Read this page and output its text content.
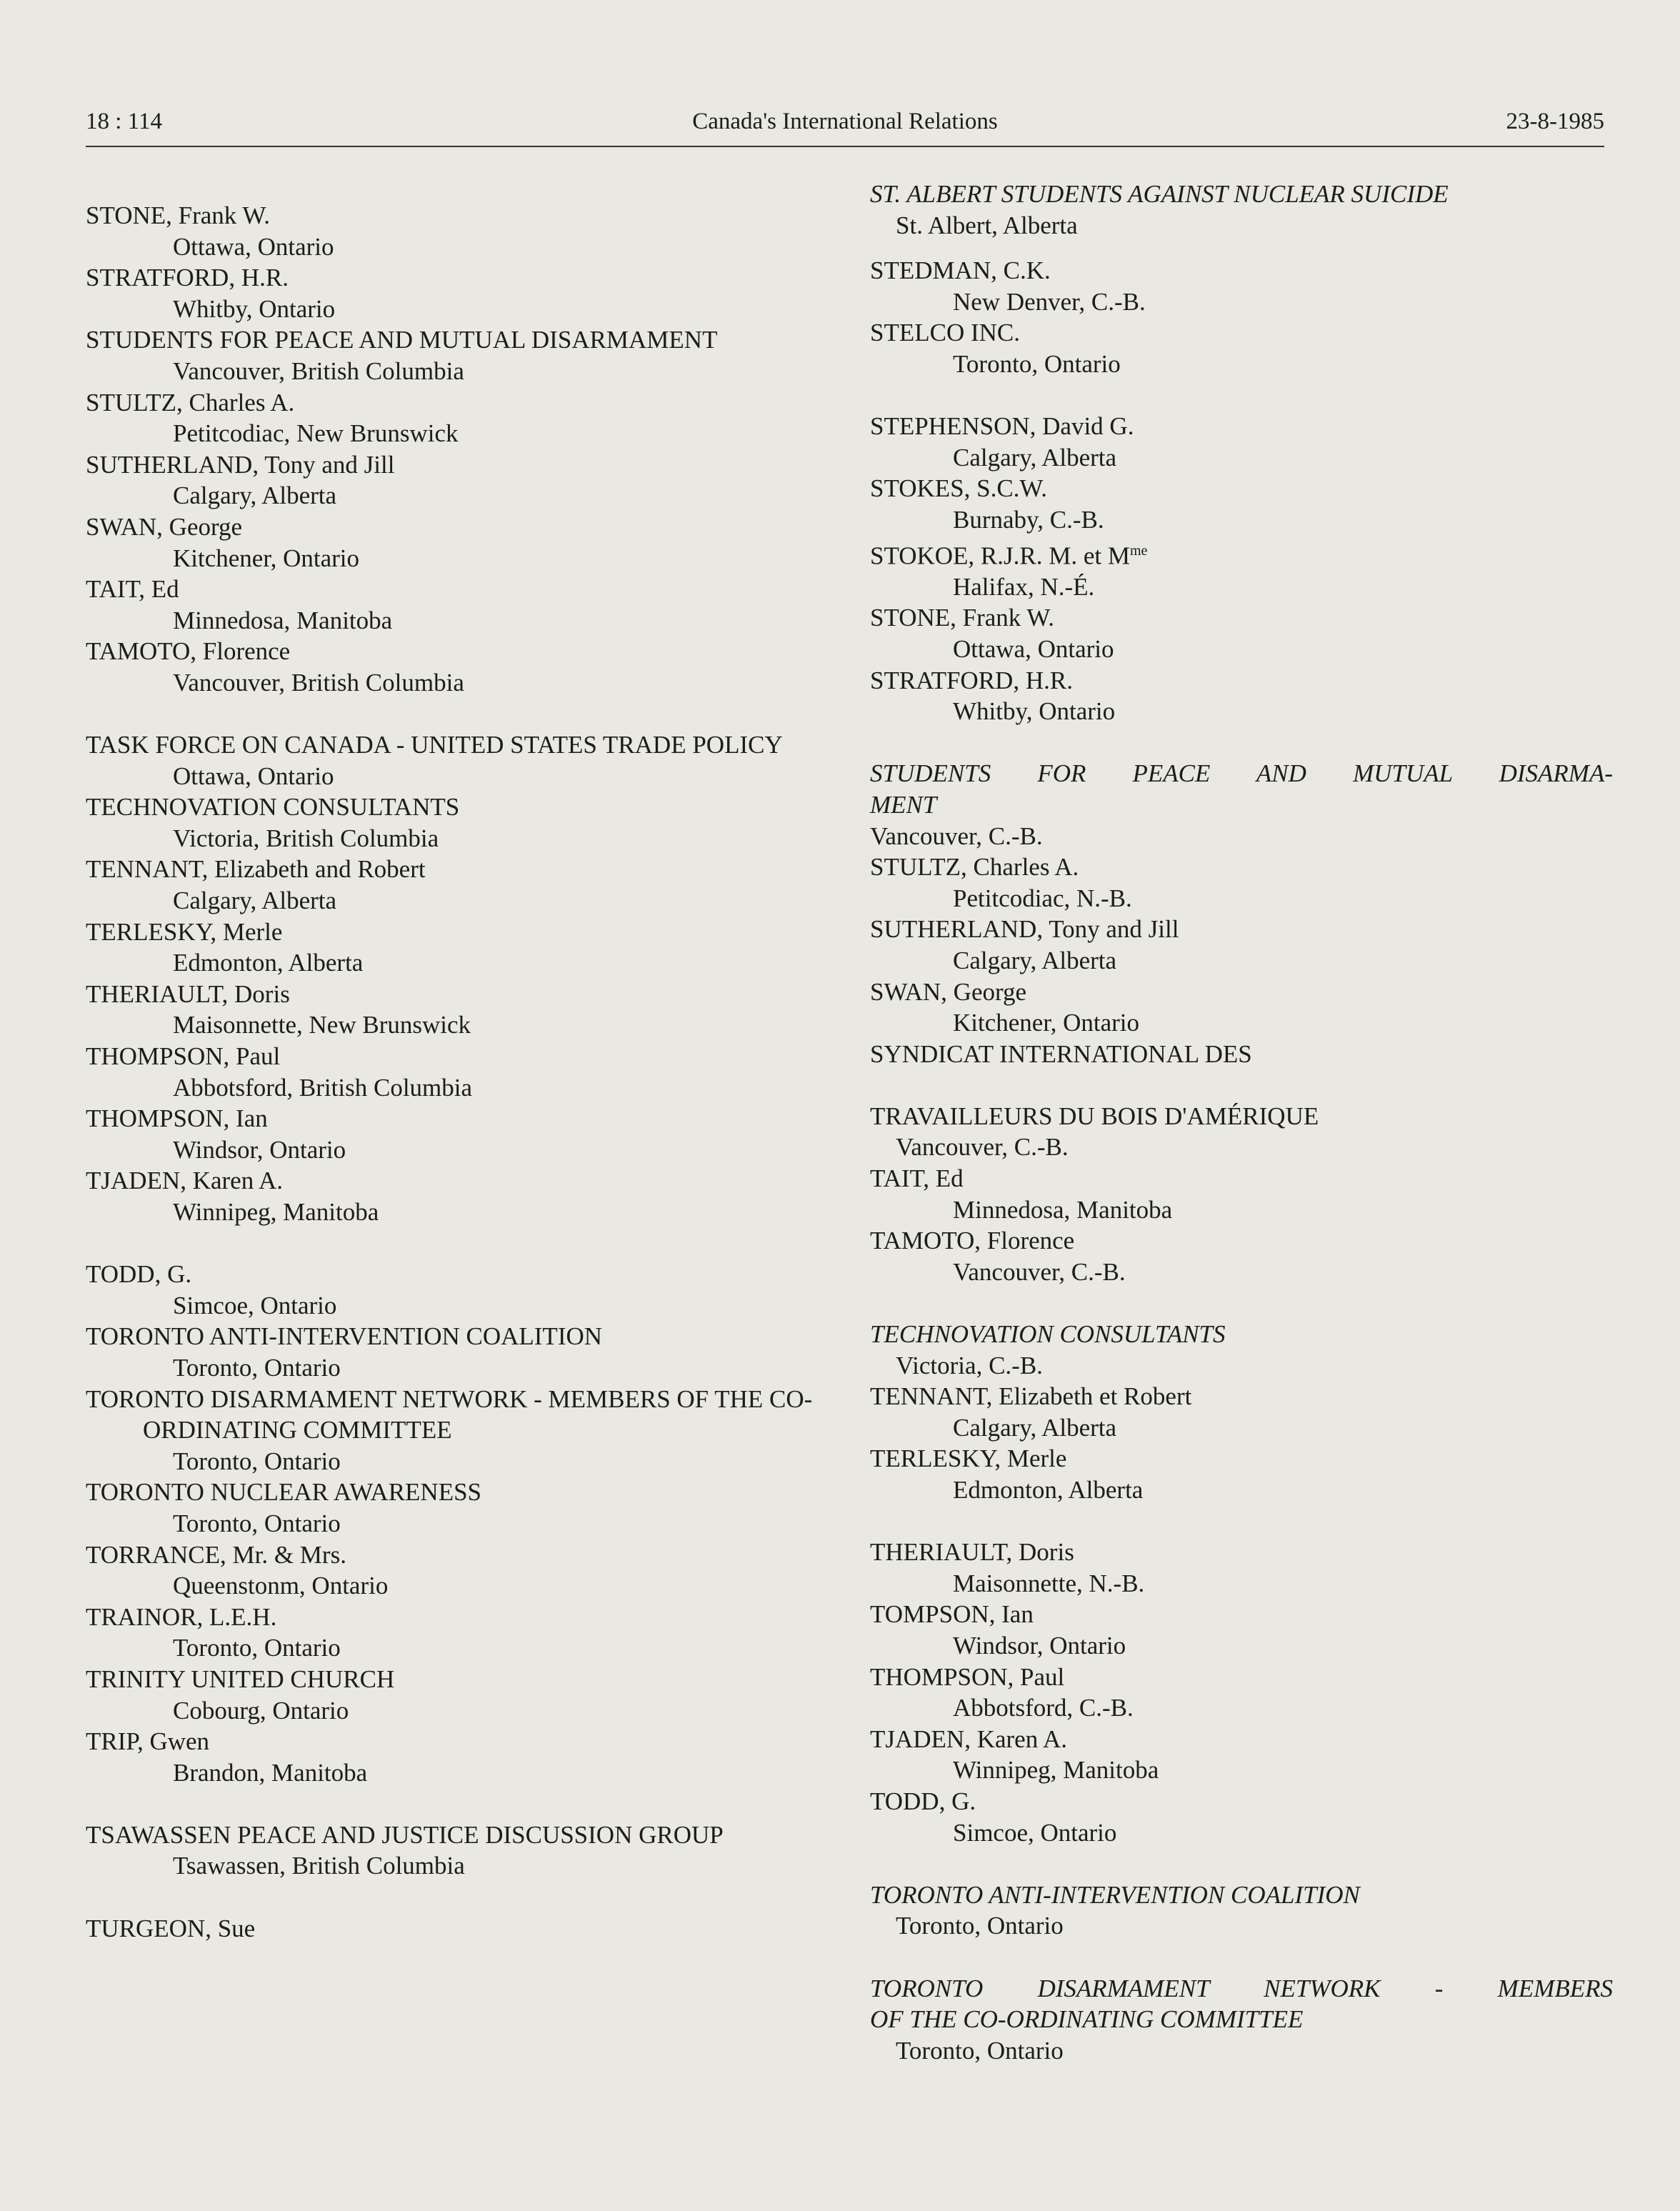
18 : 114	Canada's International Relations	23-8-1985
STONE, Frank W.
Ottawa, Ontario
STRATFORD, H.R.
Whitby, Ontario
STUDENTS FOR PEACE AND MUTUAL DISARMAMENT
Vancouver, British Columbia
STULTZ, Charles A.
Petitcodiac, New Brunswick
SUTHERLAND, Tony and Jill
Calgary, Alberta
SWAN, George
Kitchener, Ontario
TAIT, Ed
Minnedosa, Manitoba
TAMOTO, Florence
Vancouver, British Columbia
TASK FORCE ON CANADA - UNITED STATES TRADE POLICY
Ottawa, Ontario
TECHNOVATION CONSULTANTS
Victoria, British Columbia
TENNANT, Elizabeth and Robert
Calgary, Alberta
TERLESKY, Merle
Edmonton, Alberta
THERIAULT, Doris
Maisonnette, New Brunswick
THOMPSON, Paul
Abbotsford, British Columbia
THOMPSON, Ian
Windsor, Ontario
TJADEN, Karen A.
Winnipeg, Manitoba
TODD, G.
Simcoe, Ontario
TORONTO ANTI-INTERVENTION COALITION
Toronto, Ontario
TORONTO DISARMAMENT NETWORK - MEMBERS OF THE CO-ORDINATING COMMITTEE
Toronto, Ontario
TORONTO NUCLEAR AWARENESS
Toronto, Ontario
TORRANCE, Mr. & Mrs.
Queenstonm, Ontario
TRAINOR, L.E.H.
Toronto, Ontario
TRINITY UNITED CHURCH
Cobourg, Ontario
TRIP, Gwen
Brandon, Manitoba
TSAWASSEN PEACE AND JUSTICE DISCUSSION GROUP
Tsawassen, British Columbia
TURGEON, Sue
ST. ALBERT STUDENTS AGAINST NUCLEAR SUICIDE
St. Albert, Alberta
STEDMAN, C.K.
New Denver, C.-B.
STELCO INC.
Toronto, Ontario
STEPHENSON, David G.
Calgary, Alberta
STOKES, S.C.W.
Burnaby, C.-B.
STOKOE, R.J.R. M. et $M^{me}$
Halifax, N.-É.
STONE, Frank W.
Ottawa, Ontario
STRATFORD, H.R.
Whitby, Ontario
STUDENTS FOR PEACE AND MUTUAL DISARMA-
MENT
Vancouver, C.-B.
STULTZ, Charles A.
Petitcodiac, N.-B.
SUTHERLAND, Tony and Jill
Calgary, Alberta
SWAN, George
Kitchener, Ontario
SYNDICAT INTERNATIONAL DES
TRAVAILLEURS DU BOIS D'AMÉRIQUE
Vancouver, C.-B.
TAIT, Ed
Minnedosa, Manitoba
TAMOTO, Florence
Vancouver, C.-B.
TECHNOVATION CONSULTANTS
Victoria, C.-B.
TENNANT, Elizabeth et Robert
Calgary, Alberta
TERLESKY, Merle
Edmonton, Alberta
THERIAULT, Doris
Maisonnette, N.-B.
TOMPSON, Ian
Windsor, Ontario
THOMPSON, Paul
Abbotsford, C.-B.
TJADEN, Karen A.
Winnipeg, Manitoba
TODD, G.
Simcoe, Ontario
TORONTO ANTI-INTERVENTION COALITION
Toronto, Ontario
TORONTO DISARMAMENT NETWORK - MEMBERS
OF THE CO-ORDINATING COMMITTEE
Toronto, Ontario
